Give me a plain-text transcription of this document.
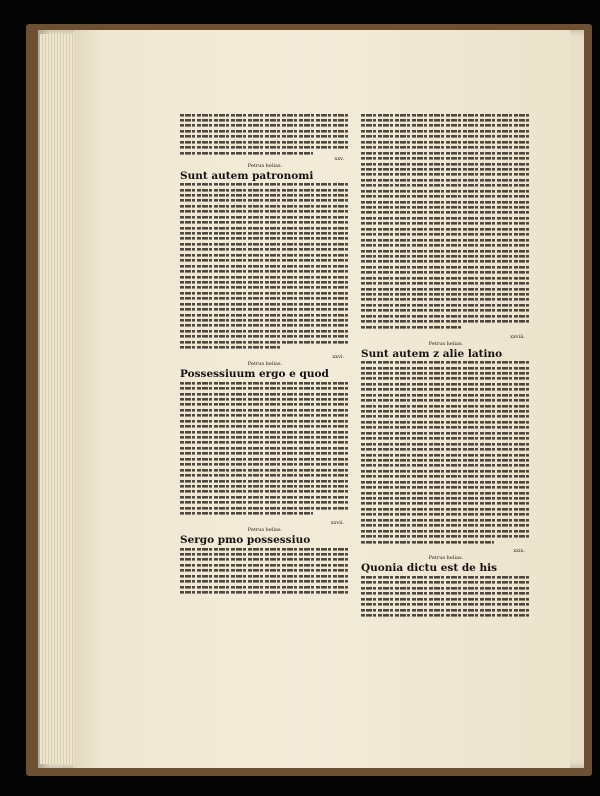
xxv.
Petrus helias.
Sunt autem patronomi
xxvi.
Petrus helias.
Possessiuum ergo e quod
xxvii.
Petrus helias.
Sergo pmo possessiuo
xxviii.
Petrus helias.
Sunt autem z alie latino
xxix.
Petrus helias.
Quonia dictu est de his
